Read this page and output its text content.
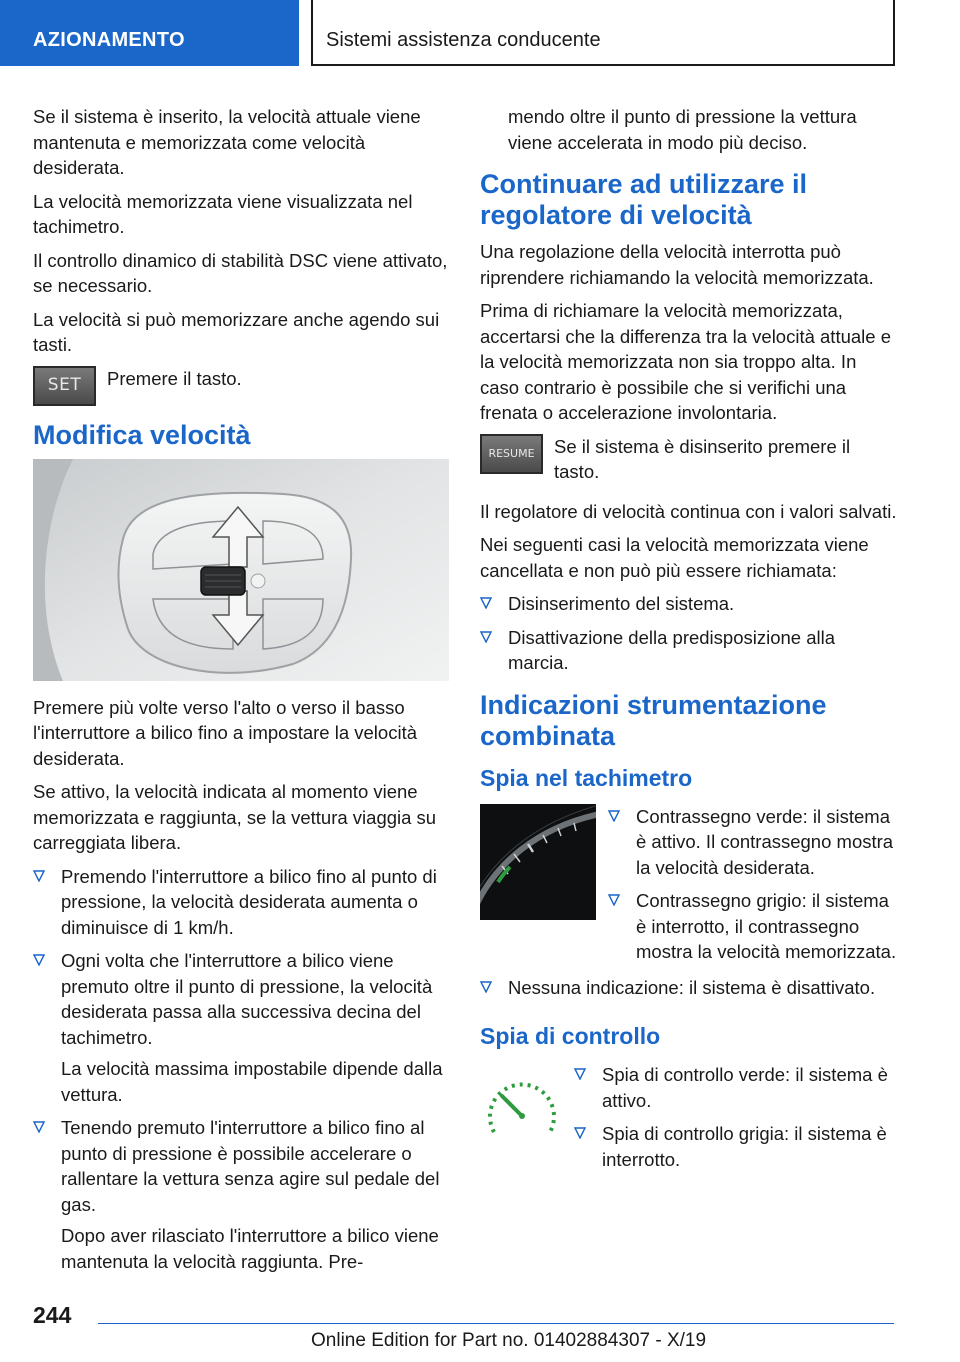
AZIONAMENTO	Sistemi assistenza conducente

Se il sistema è inserito, la velocità attuale viene mantenuta e memorizzata come velocità desiderata.

La velocità memorizzata viene visualizzata nel tachimetro.

Il controllo dinamico di stabilità DSC viene attivato, se necessario.

La velocità si può memorizzare anche agendo sui tasti.

SET	Premere il tasto.
Modifica velocità

Premere più volte verso l'alto o verso il basso l'interruttore a bilico fino a impostare la velocità desiderata.

Se attivo, la velocità indicata al momento viene memorizzata e raggiunta, se la vettura viaggia su carreggiata libera.

Premendo l'interruttore a bilico fino al punto di pressione, la velocità desiderata aumenta o diminuisce di 1 km/h.
Ogni volta che l'interruttore a bilico viene premuto oltre il punto di pressione, la velocità desiderata passa alla successiva decina del tachimetro.

La velocità massima impostabile dipende dalla vettura.

Tenendo premuto l'interruttore a bilico fino al punto di pressione è possibile accelerare o rallentare la vettura senza agire sul pedale del gas.

Dopo aver rilasciato l'interruttore a bilico viene mantenuta la velocità raggiunta. Pre-

mendo oltre il punto di pressione la vettura viene accelerata in modo più deciso.

Continuare ad utilizzare il regolatore di velocità

Una regolazione della velocità interrotta può riprendere richiamando la velocità memorizzata.

Prima di richiamare la velocità memorizzata, accertarsi che la differenza tra la velocità attuale e la velocità memorizzata non sia troppo alta. In caso contrario è possibile che si verifichi una frenata o accelerazione involontaria.

RESUME	Se il sistema è disinserito premere il tasto.

Il regolatore di velocità continua con i valori salvati.

Nei seguenti casi la velocità memorizzata viene cancellata e non può più essere richiamata:

Disinserimento del sistema.
Disattivazione della predisposizione alla marcia.
Indicazioni strumentazione combinata
Spia nel tachimetro
Contrassegno verde: il sistema è attivo. Il contrassegno mostra la velocità desiderata.
Contrassegno grigio: il sistema è interrotto, il contrassegno mostra la velocità memorizzata.
Nessuna indicazione: il sistema è disattivato.
Spia di controllo
Spia di controllo verde: il sistema è attivo.
Spia di controllo grigia: il sistema è interrotto.
244
Online Edition for Part no. 01402884307 - X/19
